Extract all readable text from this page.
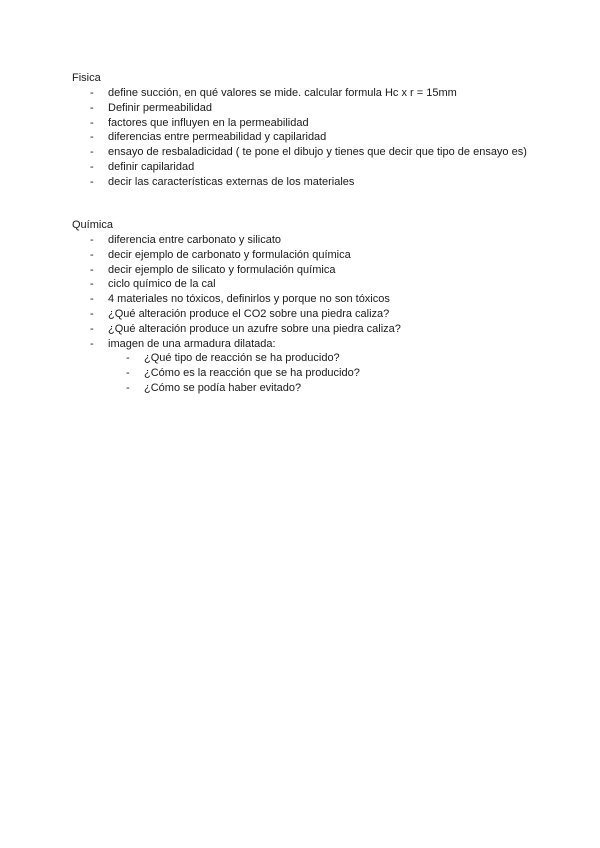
Fisica

- define succión, en qué valores se mide. calcular formula Hc x r = 15mm
- Definir permeabilidad
- factores que influyen en la permeabilidad
- diferencias entre permeabilidad y capilaridad
- ensayo de resbaladicidad ( te pone el dibujo y tienes que decir que tipo de ensayo es)
- definir capilaridad
- decir las características externas de los materiales

Química

- diferencia entre carbonato y silicato
- decir ejemplo de carbonato y formulación química
- decir ejemplo de silicato y formulación química
- ciclo químico de la cal
- 4 materiales no tóxicos, definirlos y porque no son tóxicos
- ¿Qué alteración produce el CO2 sobre una piedra caliza?
- ¿Qué alteración produce un azufre sobre una piedra caliza?
- imagen de una armadura dilatada:
- ¿Qué tipo de reacción se ha producido?
- ¿Cómo es la reacción que se ha producido?
- ¿Cómo se podía haber evitado?
